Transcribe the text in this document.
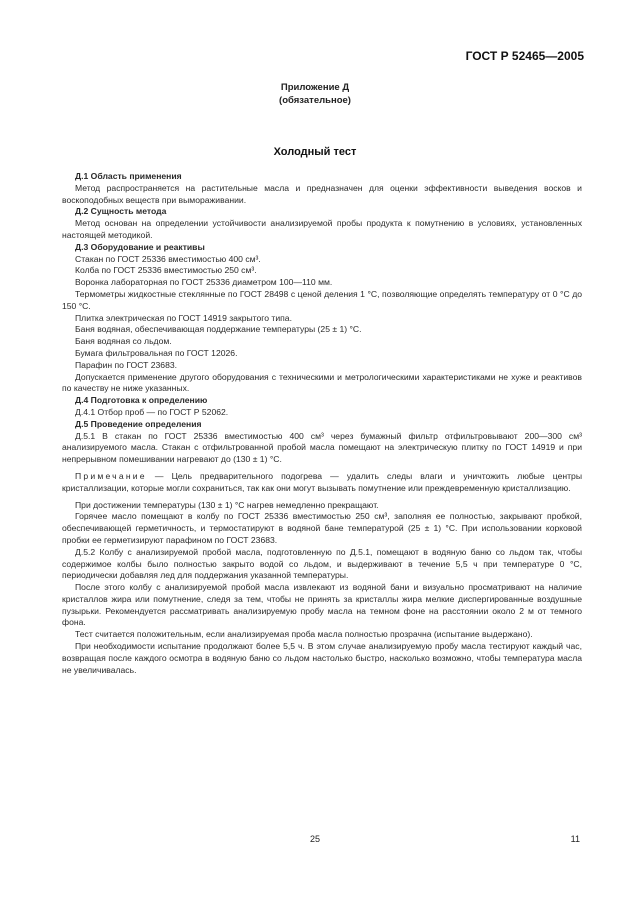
ГОСТ Р 52465—2005
Приложение Д
(обязательное)
Холодный тест

Д.1 Область применения

Метод распространяется на растительные масла и предназначен для оценки эффективности выведения восков и воскоподобных веществ при вымораживании.

Д.2 Сущность метода

Метод основан на определении устойчивости анализируемой пробы продукта к помутнению в условиях, установленных настоящей методикой.

Д.3 Оборудование и реактивы

Стакан по ГОСТ 25336 вместимостью 400 см³.

Колба по ГОСТ 25336 вместимостью 250 см³.

Воронка лабораторная по ГОСТ 25336 диаметром 100—110 мм.

Термометры жидкостные стеклянные по ГОСТ 28498 с ценой деления 1 °С, позволяющие определять температуру от 0 °С до 150 °С.

Плитка электрическая по ГОСТ 14919 закрытого типа.

Баня водяная, обеспечивающая поддержание температуры (25 ± 1) °С.

Баня водяная со льдом.

Бумага фильтровальная по ГОСТ 12026.

Парафин по ГОСТ 23683.

Допускается применение другого оборудования с техническими и метрологическими характеристиками не хуже и реактивов по качеству не ниже указанных.

Д.4 Подготовка к определению

Д.4.1 Отбор проб — по ГОСТ Р 52062.

Д.5 Проведение определения

Д.5.1 В стакан по ГОСТ 25336 вместимостью 400 см³ через бумажный фильтр отфильтровывают 200—300 см³ анализируемого масла. Стакан с отфильтрованной пробой масла помещают на электрическую плитку по ГОСТ 14919 и при непрерывном помешивании нагревают до (130 ± 1) °С.

Примечание — Цель предварительного подогрева — удалить следы влаги и уничтожить любые центры кристаллизации, которые могли сохраниться, так как они могут вызывать помутнение или преждевременную кристаллизацию.

При достижении температуры (130 ± 1) °С нагрев немедленно прекращают.

Горячее масло помещают в колбу по ГОСТ 25336 вместимостью 250 см³, заполняя ее полностью, закрывают пробкой, обеспечивающей герметичность, и термостатируют в водяной бане температурой (25 ± 1) °С. При использовании корковой пробки ее герметизируют парафином по ГОСТ 23683.

Д.5.2 Колбу с анализируемой пробой масла, подготовленную по Д.5.1, помещают в водяную баню со льдом так, чтобы содержимое колбы было полностью закрыто водой со льдом, и выдерживают в течение 5,5 ч при температуре 0 °С, периодически добавляя лед для поддержания указанной температуры.

После этого колбу с анализируемой пробой масла извлекают из водяной бани и визуально просматривают на наличие кристаллов жира или помутнение, следя за тем, чтобы не принять за кристаллы жира мелкие диспергированные воздушные пузырьки. Рекомендуется рассматривать анализируемую пробу масла на темном фоне на расстоянии около 2 м от темного фона.

Тест считается положительным, если анализируемая проба масла полностью прозрачна (испытание выдержано).

При необходимости испытание продолжают более 5,5 ч. В этом случае анализируемую пробу масла тестируют каждый час, возвращая после каждого осмотра в водяную баню со льдом настолько быстро, насколько возможно, чтобы температура масла не увеличивалась.

25	11
